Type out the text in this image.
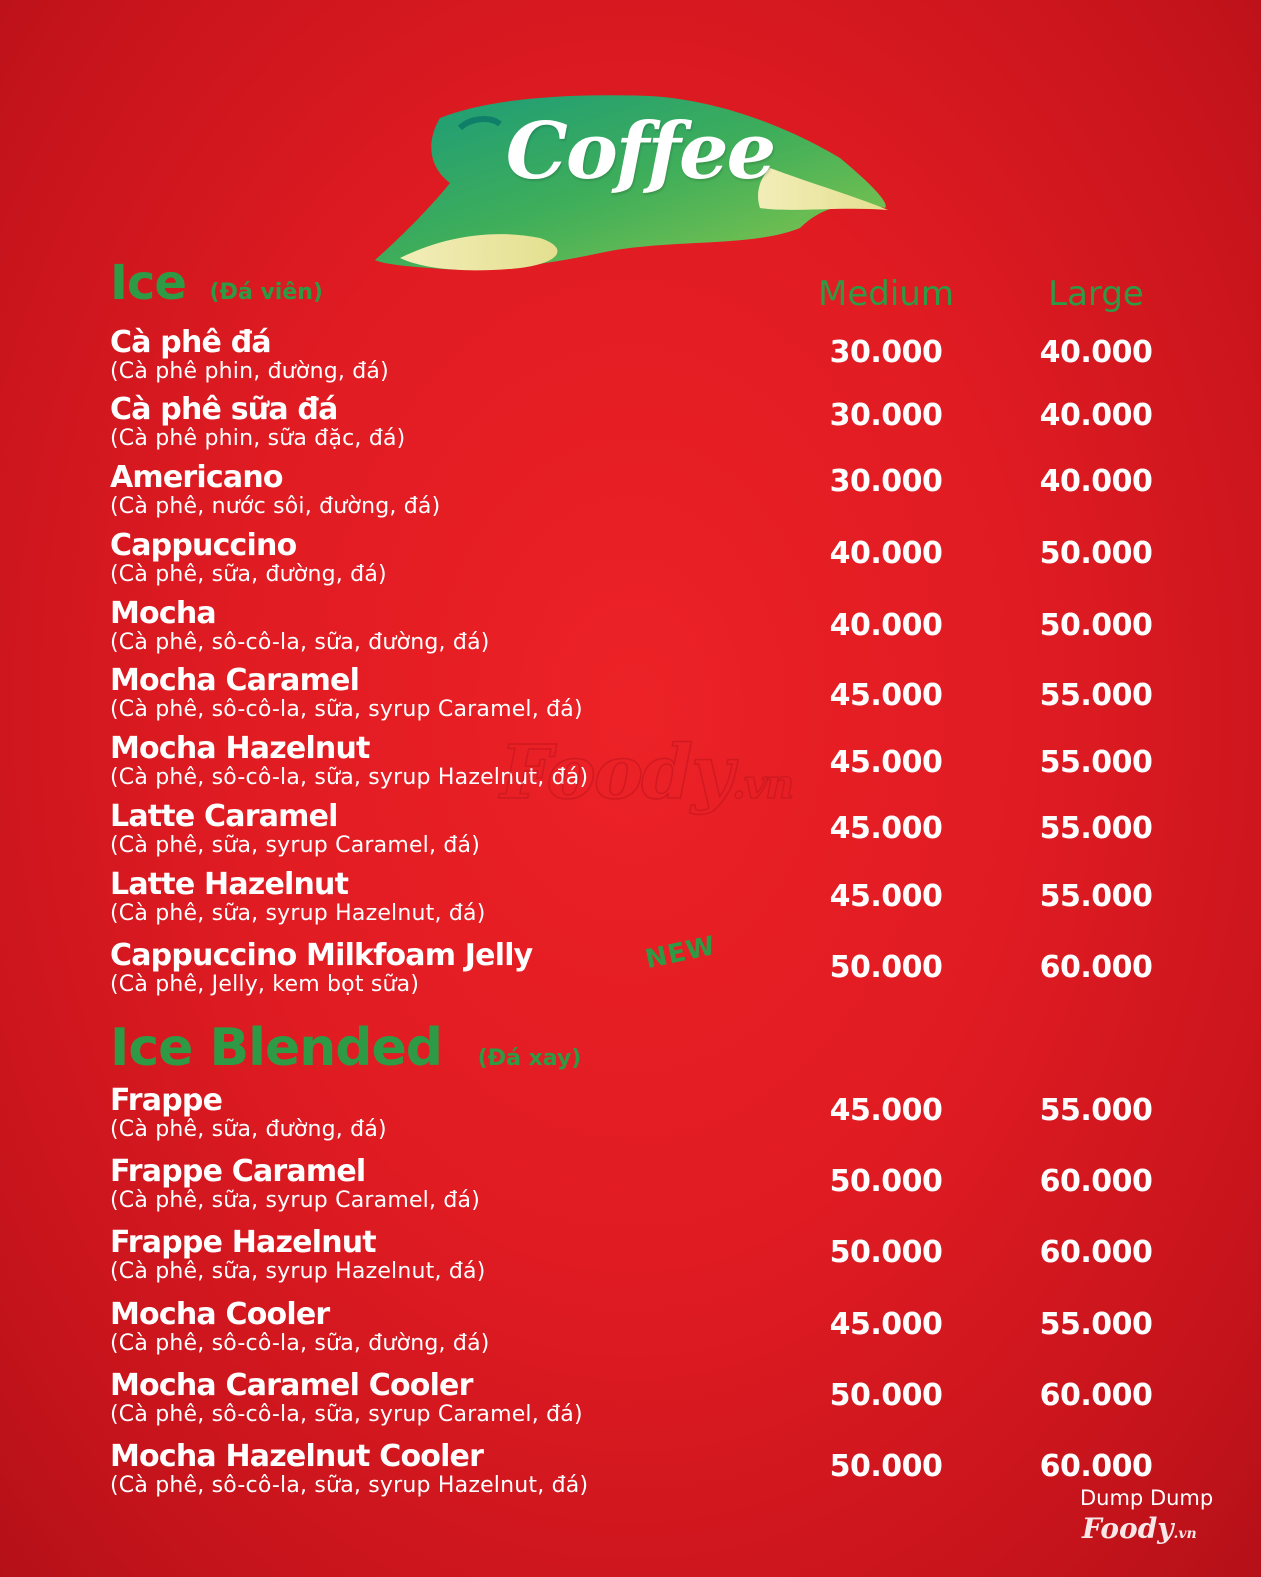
Coffee
Ice (Đá viên)	Medium	Large
Cà phê đá
(Cà phê phin, đường, đá)
30.000	40.000
Cà phê sữa đá
(Cà phê phin, sữa đặc, đá)
30.000	40.000
Americano
(Cà phê, nước sôi, đường, đá)
30.000	40.000
Cappuccino
(Cà phê, sữa, đường, đá)
40.000	50.000
Mocha
(Cà phê, sô-cô-la, sữa, đường, đá)	40.000	50.000
Mocha Caramel
(Cà phê, sô-cô-la, sữa, syrup Caramel, đá)	45.000	55.000
Mocha Hazelnut
(Cà phê, sô-cô-la, sữa, syrup Hazelnut, đá)	45.000	55.000
Latte Caramel
(Cà phê, sữa, syrup Caramel, đá)	45.000	55.000
Latte Hazelnut
(Cà phê, sữa, syrup Hazelnut, đá)	45.000	55.000
Cappuccino Milkfoam Jelly	NEW
(Cà phê, Jelly, kem bọt sữa)	50.000	60.000
Ice Blended (Đá xay)
Frappe
(Cà phê, sữa, đường, đá)
45.000	55.000
Frappe Caramel
(Cà phê, sữa, syrup Caramel, đá)
50.000	60.000
Frappe Hazelnut
(Cà phê, sữa, syrup Hazelnut, đá)
50.000	60.000
Mocha Cooler
(Cà phê, sô-cô-la, sữa, đường, đá)
45.000	55.000
Mocha Caramel Cooler
(Cà phê, sô-cô-la, sữa, syrup Caramel, đá)
50.000	60.000
Mocha Hazelnut Cooler
(Cà phê, sô-cô-la, sữa, syrup Hazelnut, đá)
50.000	60.000
Foody.vn
Dump Dump
Foody.vn
